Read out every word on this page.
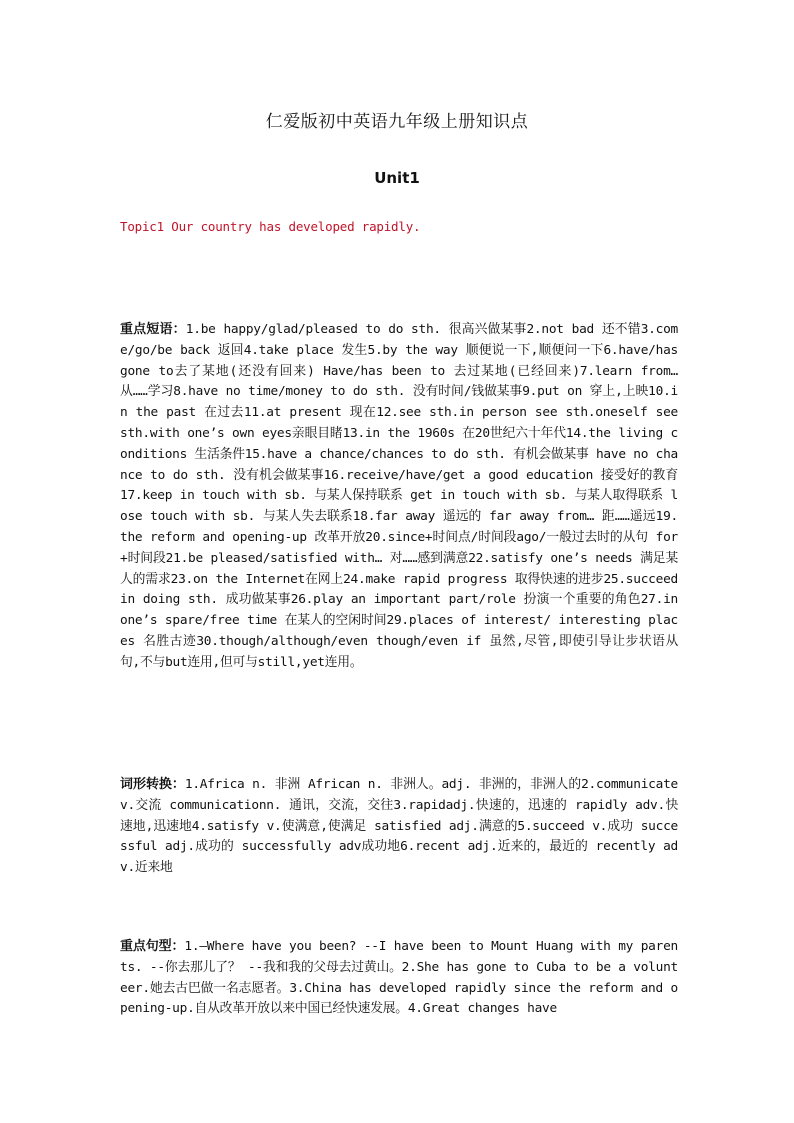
仁爱版初中英语九年级上册知识点
Unit1
Topic1 Our country has developed rapidly.
重点短语：1.be happy/glad/pleased to do sth. 很高兴做某事2.not bad 还不错3.come/go/be back 返回4.take place 发生5.by the way 顺便说一下,顺便问一下6.have/has gone to去了某地(还没有回来) Have/has been to 去过某地(已经回来)7.learn from… 从……学习8.have no time/money to do sth. 没有时间/钱做某事9.put on 穿上,上映10.in the past 在过去11.at present 现在12.see sth.in person see sth.oneself see sth.with one’s own eyes亲眼目睹13.in the 1960s 在20世纪六十年代14.the living conditions 生活条件15.have a chance/chances to do sth. 有机会做某事 have no chance to do sth. 没有机会做某事16.receive/have/get a good education 接受好的教育17.keep in touch with sb. 与某人保持联系 get in touch with sb. 与某人取得联系 lose touch with sb. 与某人失去联系18.far away 遥远的 far away from… 距……遥远19.the reform and opening-up 改革开放20.since+时间点/时间段ago/一般过去时的从句 for+时间段21.be pleased/satisfied with… 对……感到满意22.satisfy one’s needs 满足某人的需求23.on the Internet在网上24.make rapid progress 取得快速的进步25.succeed in doing sth. 成功做某事26.play an important part/role 扮演一个重要的角色27.in one’s spare/free time 在某人的空闲时间29.places of interest/ interesting places 名胜古迹30.though/although/even though/even if 虽然,尽管,即使引导让步状语从句,不与but连用,但可与still,yet连用。
词形转换：1.Africa n. 非洲 African n. 非洲人。adj. 非洲的，非洲人的2.communicatev.交流 communicationn. 通讯，交流，交往3.rapidadj.快速的，迅速的 rapidly adv.快速地,迅速地4.satisfy v.使满意,使满足 satisfied adj.满意的5.succeed v.成功 successful adj.成功的 successfully adv成功地6.recent adj.近来的，最近的 recently adv.近来地
重点句型：1.—Where have you been? --I have been to Mount Huang with my parents. --你去那儿了？ --我和我的父母去过黄山。2.She has gone to Cuba to be a volunteer.她去古巴做一名志愿者。3.China has developed rapidly since the reform and opening-up.自从改革开放以来中国已经快速发展。4.Great changes have
